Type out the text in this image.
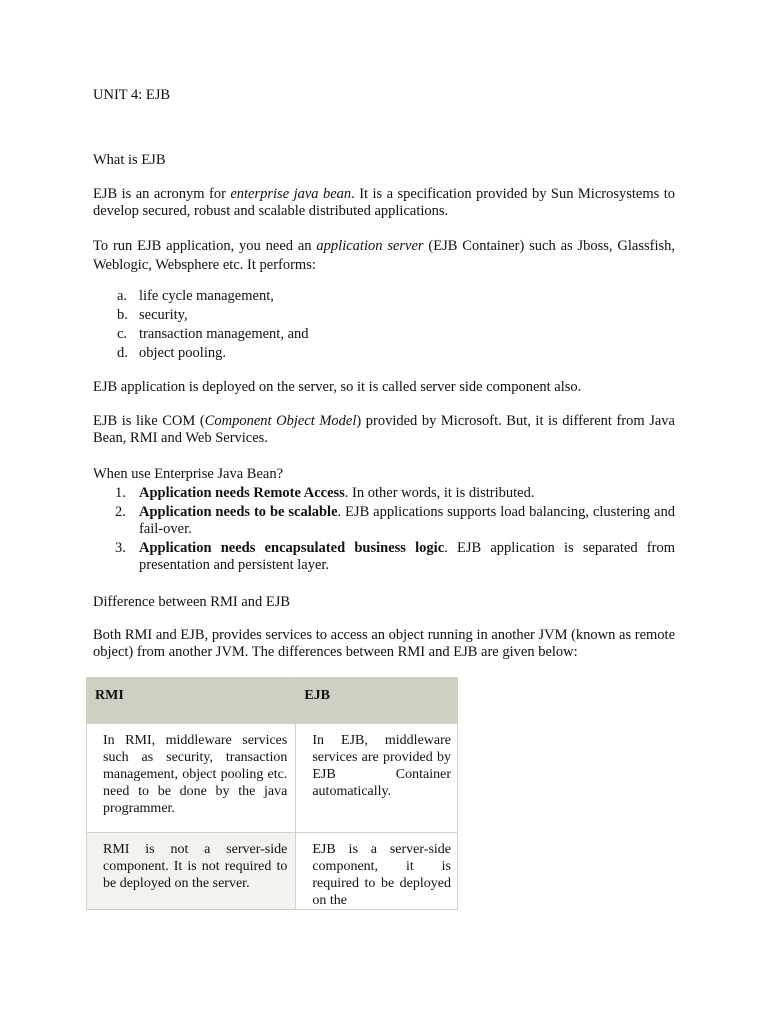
UNIT 4: EJB

What is EJB

EJB is an acronym for enterprise java bean. It is a specification provided by Sun Microsystems to develop secured, robust and scalable distributed applications.

To run EJB application, you need an application server (EJB Container) such as Jboss, Glassfish, Weblogic, Websphere etc. It performs:

a. life cycle management,
b. security,
c. transaction management, and
d. object pooling.

EJB application is deployed on the server, so it is called server side component also.

EJB is like COM (Component Object Model) provided by Microsoft. But, it is different from Java Bean, RMI and Web Services.

When use Enterprise Java Bean?

1. Application needs Remote Access. In other words, it is distributed.
2. Application needs to be scalable. EJB applications supports load balancing, clustering and fail-over.
3. Application needs encapsulated business logic. EJB application is separated from presentation and persistent layer.

Difference between RMI and EJB

Both RMI and EJB, provides services to access an object running in another JVM (known as remote object) from another JVM. The differences between RMI and EJB are given below:

RMI	EJB

In RMI, middleware services such as security, transaction management, object pooling etc. need to be done by the java programmer.	In EJB, middleware services are provided by EJB Container automatically.

RMI is not a server-side component. It is not required to be deployed on the server.	EJB is a server-side component, it is required to be deployed on the
